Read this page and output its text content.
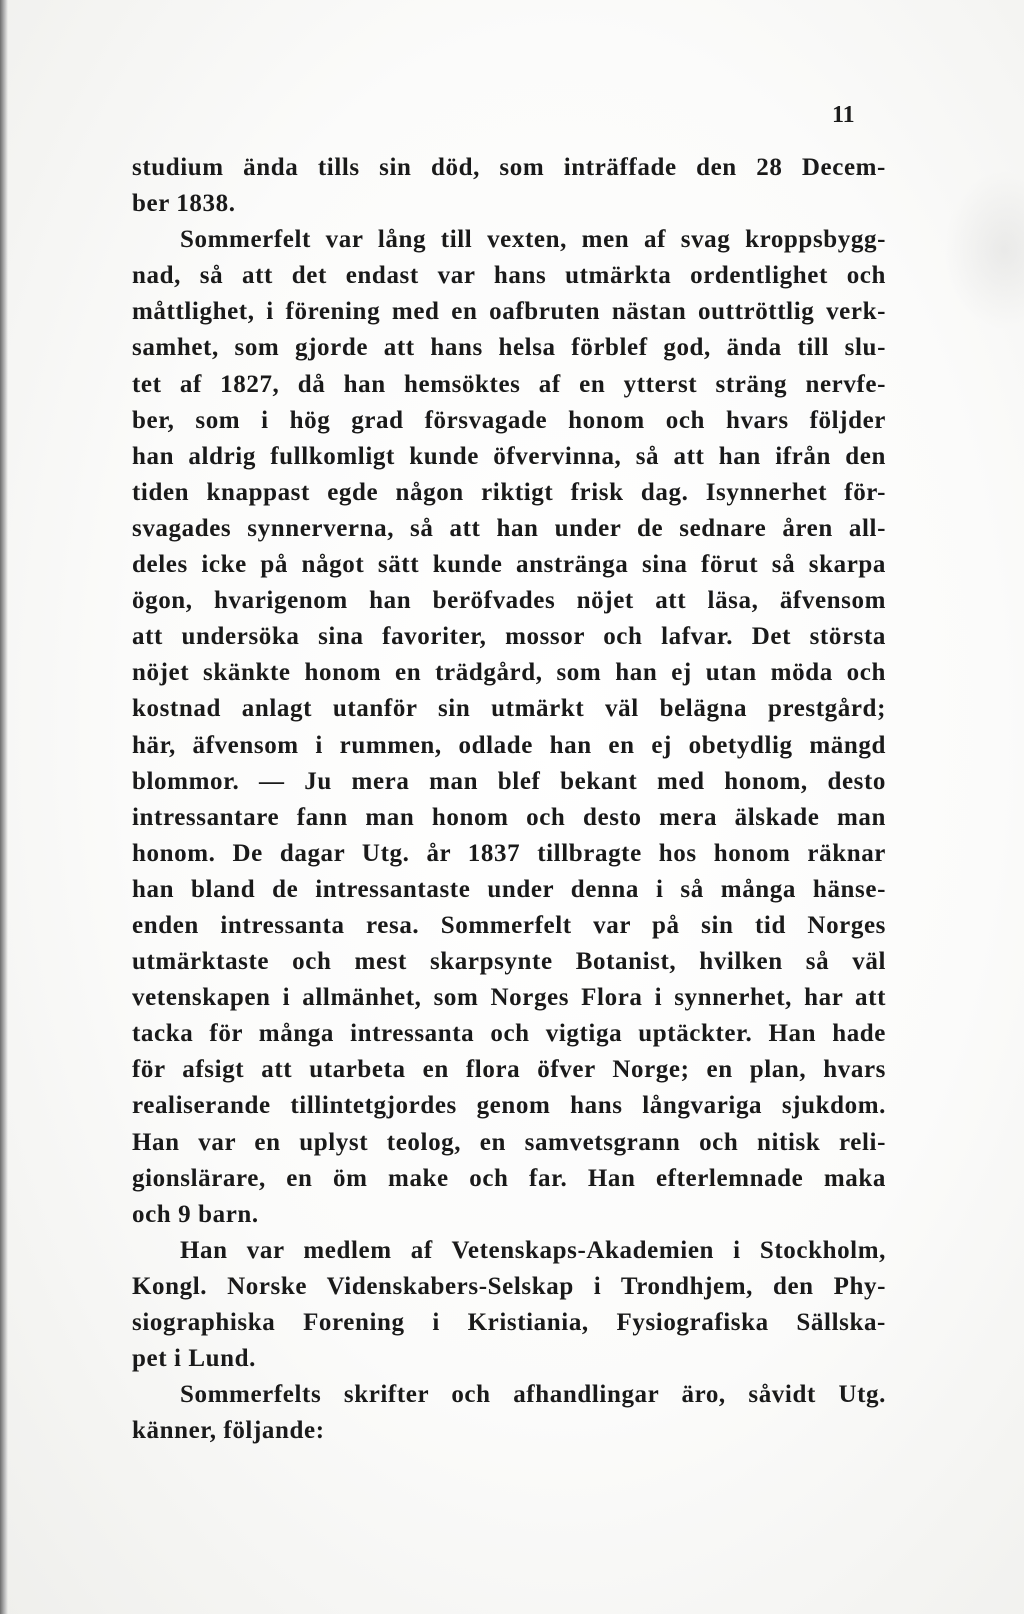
11
studium ända tills sin död, som inträffade den 28 Decem-
ber 1838.
Sommerfelt var lång till vexten, men af svag kroppsbygg-
nad, så att det endast var hans utmärkta ordentlighet och
måttlighet, i förening med en oafbruten nästan outtröttlig verk-
samhet, som gjorde att hans helsa förblef god, ända till slu-
tet af 1827, då han hemsöktes af en ytterst sträng nervfe-
ber, som i hög grad försvagade honom och hvars följder
han aldrig fullkomligt kunde öfvervinna, så att han ifrån den
tiden knappast egde någon riktigt frisk dag. Isynnerhet för-
svagades synnerverna, så att han under de sednare åren all-
deles icke på något sätt kunde anstränga sina förut så skarpa
ögon, hvarigenom han beröfvades nöjet att läsa, äfvensom
att undersöka sina favoriter, mossor och lafvar. Det största
nöjet skänkte honom en trädgård, som han ej utan möda och
kostnad anlagt utanför sin utmärkt väl belägna prestgård;
här, äfvensom i rummen, odlade han en ej obetydlig mängd
blommor. — Ju mera man blef bekant med honom, desto
intressantare fann man honom och desto mera älskade man
honom. De dagar Utg. år 1837 tillbragte hos honom räknar
han bland de intressantaste under denna i så många hänse-
enden intressanta resa. Sommerfelt var på sin tid Norges
utmärktaste och mest skarpsynte Botanist, hvilken så väl
vetenskapen i allmänhet, som Norges Flora i synnerhet, har att
tacka för många intressanta och vigtiga uptäckter. Han hade
för afsigt att utarbeta en flora öfver Norge; en plan, hvars
realiserande tillintetgjordes genom hans långvariga sjukdom.
Han var en uplyst teolog, en samvetsgrann och nitisk reli-
gionslärare, en öm make och far. Han efterlemnade maka
och 9 barn.
Han var medlem af Vetenskaps-Akademien i Stockholm,
Kongl. Norske Videnskabers-Selskap i Trondhjem, den Phy-
siographiska Forening i Kristiania, Fysiografiska Sällska-
pet i Lund.
Sommerfelts skrifter och afhandlingar äro, såvidt Utg.
känner, följande:
